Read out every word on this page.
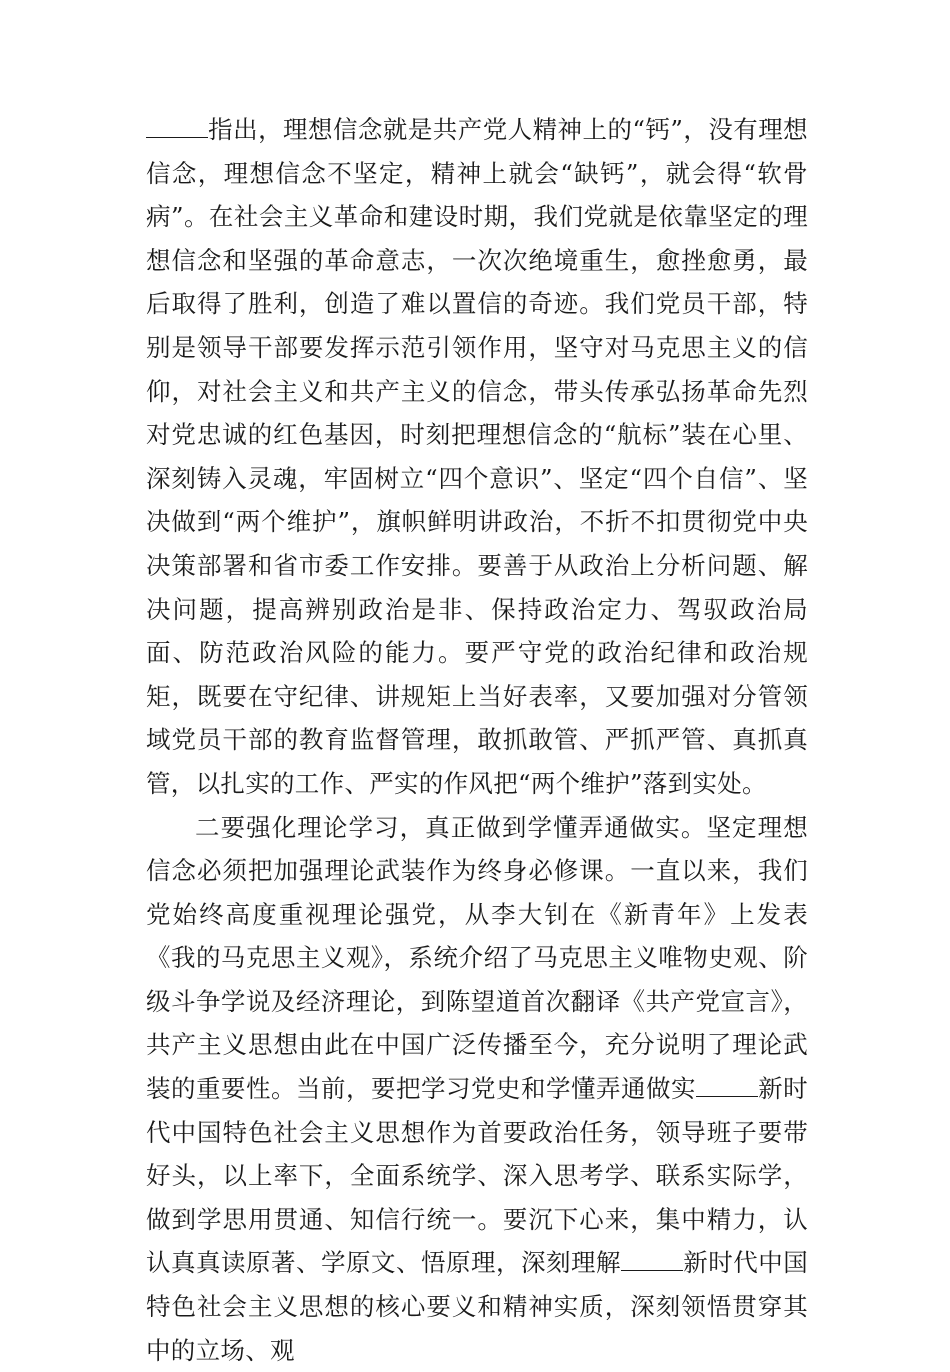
指出，理想信念就是共产党人精神上的“钙”，没有理想信念，理想信念不坚定，精神上就会“缺钙”，就会得“软骨病”。在社会主义革命和建设时期，我们党就是依靠坚定的理想信念和坚强的革命意志，一次次绝境重生，愈挫愈勇，最后取得了胜利，创造了难以置信的奇迹。我们党员干部，特别是领导干部要发挥示范引领作用，坚守对马克思主义的信仰，对社会主义和共产主义的信念，带头传承弘扬革命先烈对党忠诚的红色基因，时刻把理想信念的“航标”装在心里、深刻铸入灵魂，牢固树立“四个意识”、坚定“四个自信”、坚决做到“两个维护”，旗帜鲜明讲政治，不折不扣贯彻党中央决策部署和省市委工作安排。要善于从政治上分析问题、解决问题，提高辨别政治是非、保持政治定力、驾驭政治局面、防范政治风险的能力。要严守党的政治纪律和政治规矩，既要在守纪律、讲规矩上当好表率，又要加强对分管领域党员干部的教育监督管理，敢抓敢管、严抓严管、真抓真管，以扎实的工作、严实的作风把“两个维护”落到实处。

二要强化理论学习，真正做到学懂弄通做实。坚定理想信念必须把加强理论武装作为终身必修课。一直以来，我们党始终高度重视理论强党，从李大钊在《新青年》上发表《我的马克思主义观》，系统介绍了马克思主义唯物史观、阶级斗争学说及经济理论，到陈望道首次翻译《共产党宣言》，共产主义思想由此在中国广泛传播至今，充分说明了理论武装的重要性。当前，要把学习党史和学懂弄通做实	新时代中国特色社会主义思想作为首要政治任务，领导班子要带好头，以上率下，全面系统学、深入思考学、联系实际学，做到学思用贯通、知信行统一。要沉下心来，集中精力，认认真真读原著、学原文、悟原理，深刻理解	新时代中国特色社会主义思想的核心要义和精神实质，深刻领悟贯穿其中的立场、观
